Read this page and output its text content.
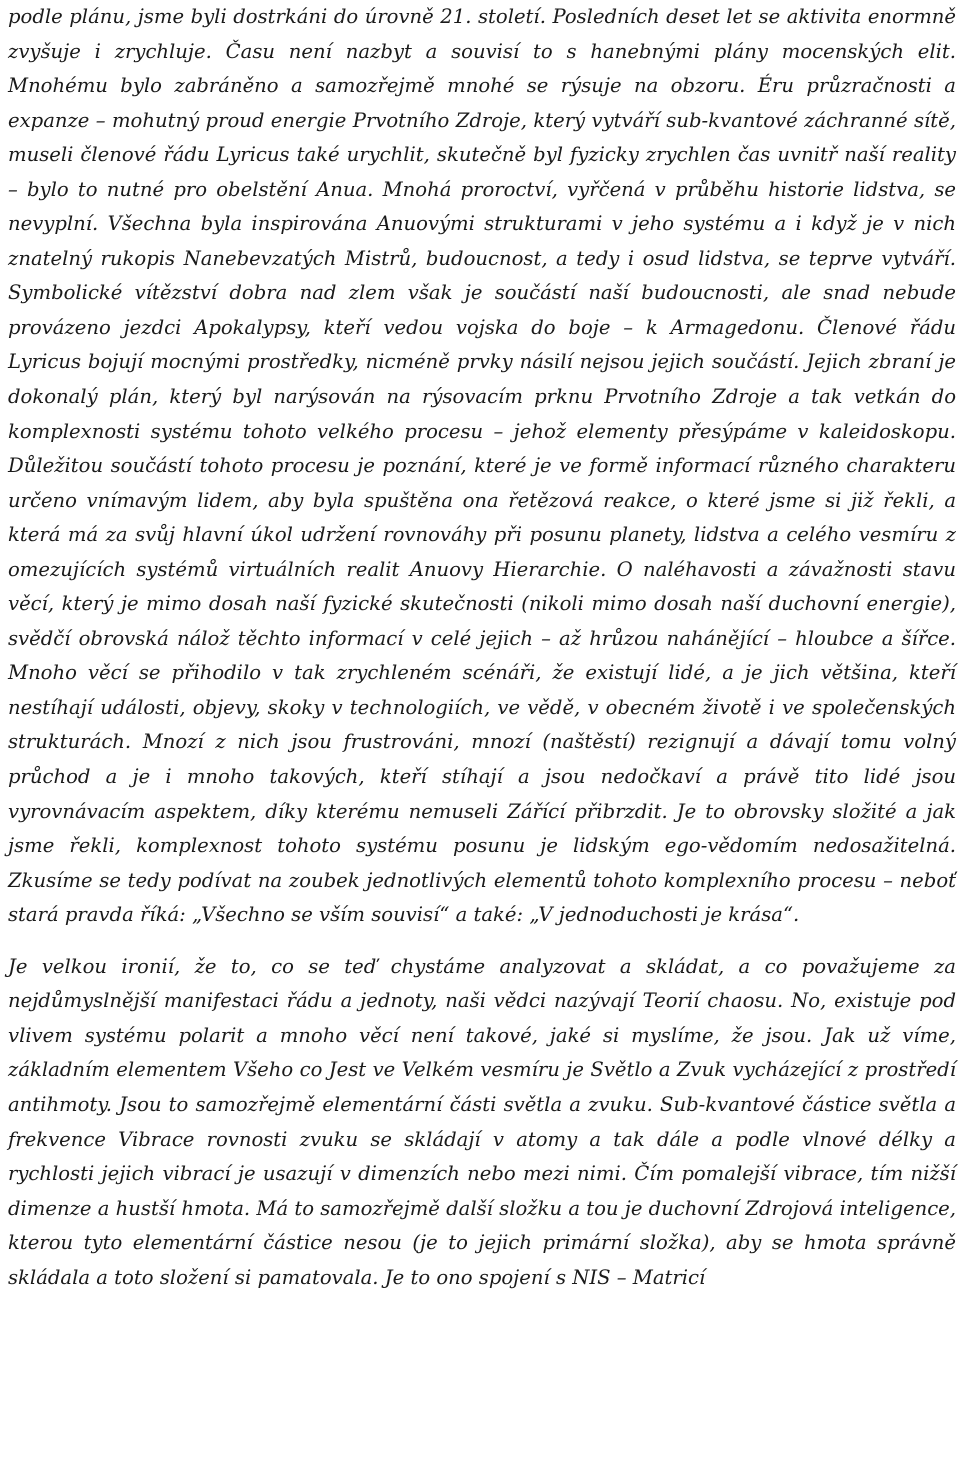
podle plánu, jsme byli dostrkáni do úrovně 21. století. Posledních deset let se aktivita enormně zvyšuje i zrychluje. Času není nazbyt a souvisí to s hanebnými plány mocenských elit. Mnohému bylo zabráněno a samozřejmě mnohé se rýsuje na obzoru. Éru průzračnosti a expanze – mohutný proud energie Prvotního Zdroje, který vytváří sub-kvantové záchranné sítě, museli členové řádu Lyricus také urychlit, skutečně byl fyzicky zrychlen čas uvnitř naší reality – bylo to nutné pro obelstění Anua. Mnohá proroctví, vyřčená v průběhu historie lidstva, se nevyplní. Všechna byla inspirována Anuovými strukturami v jeho systému a i když je v nich znatelný rukopis Nanebevzatých Mistrů, budoucnost, a tedy i osud lidstva, se teprve vytváří. Symbolické vítězství dobra nad zlem však je součástí naší budoucnosti, ale snad nebude provázeno jezdci Apokalypsy, kteří vedou vojska do boje – k Armagedonu. Členové řádu Lyricus bojují mocnými prostředky, nicméně prvky násilí nejsou jejich součástí. Jejich zbraní je dokonalý plán, který byl narýsován na rýsovacím prknu Prvotního Zdroje a tak vetkán do komplexnosti systému tohoto velkého procesu – jehož elementy přesýpáme v kaleidoskopu. Důležitou součástí tohoto procesu je poznání, které je ve formě informací různého charakteru určeno vnímavým lidem, aby byla spuštěna ona řetězová reakce, o které jsme si již řekli, a která má za svůj hlavní úkol udržení rovnováhy při posunu planety, lidstva a celého vesmíru z omezujících systémů virtuálních realit Anuovy Hierarchie. O naléhavosti a závažnosti stavu věcí, který je mimo dosah naší fyzické skutečnosti (nikoli mimo dosah naší duchovní energie), svědčí obrovská nálož těchto informací v celé jejich – až hrůzou nahánějící – hloubce a šířce. Mnoho věcí se přihodilo v tak zrychleném scénáři, že existují lidé, a je jich většina, kteří nestíhají události, objevy, skoky v technologiích, ve vědě, v obecném životě i ve společenských strukturách. Mnozí z nich jsou frustrováni, mnozí (naštěstí) rezignují a dávají tomu volný průchod a je i mnoho takových, kteří stíhají a jsou nedočkaví a právě tito lidé jsou vyrovnávacím aspektem, díky kterému nemuseli Zářící přibrzdit. Je to obrovsky složité a jak jsme řekli, komplexnost tohoto systému posunu je lidským ego-vědomím nedosažitelná. Zkusíme se tedy podívat na zoubek jednotlivých elementů tohoto komplexního procesu – neboť stará pravda říká: „Všechno se vším souvisí“ a také: „V jednoduchosti je krása“.

Je velkou ironií, že to, co se teď chystáme analyzovat a skládat, a co považujeme za nejdůmyslnější manifestaci řádu a jednoty, naši vědci nazývají Teorií chaosu. No, existuje pod vlivem systému polarit a mnoho věcí není takové, jaké si myslíme, že jsou. Jak už víme, základním elementem Všeho co Jest ve Velkém vesmíru je Světlo a Zvuk vycházející z prostředí antihmoty. Jsou to samozřejmě elementární části světla a zvuku. Sub-kvantové částice světla a frekvence Vibrace rovnosti zvuku se skládají v atomy a tak dále a podle vlnové délky a rychlosti jejich vibrací je usazují v dimenzích nebo mezi nimi. Čím pomalejší vibrace, tím nižší dimenze a hustší hmota. Má to samozřejmě další složku a tou je duchovní Zdrojová inteligence, kterou tyto elementární částice nesou (je to jejich primární složka), aby se hmota správně skládala a toto složení si pamatovala. Je to ono spojení s NIS – Matricí
